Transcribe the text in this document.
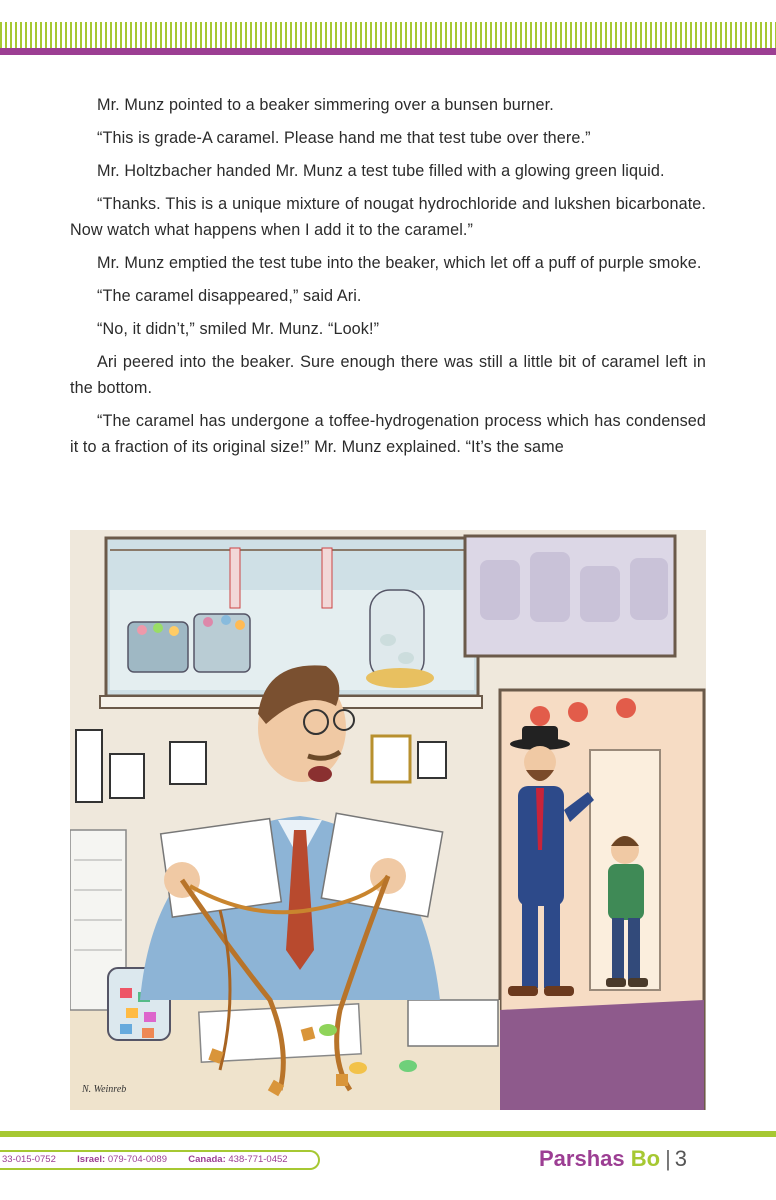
Mr. Munz pointed to a beaker simmering over a bunsen burner.

“This is grade-A caramel. Please hand me that test tube over there.”

Mr. Holtzbacher handed Mr. Munz a test tube filled with a glowing green liquid.

“Thanks. This is a unique mixture of nougat hydrochloride and lukshen bicarbonate. Now watch what happens when I add it to the caramel.”

Mr. Munz emptied the test tube into the beaker, which let off a puff of purple smoke.

“The caramel disappeared,” said Ari.

“No, it didn’t,” smiled Mr. Munz. “Look!”

Ari peered into the beaker. Sure enough there was still a little bit of caramel left in the bottom.

“The caramel has undergone a toffee-hydrogenation process which has condensed it to a fraction of its original size!” Mr. Munz explained. “It’s the same

N. Weinreb
33-015-0752 Israel: 079-704-0089 Canada: 438-771-0452	Parshas Bo | 3
